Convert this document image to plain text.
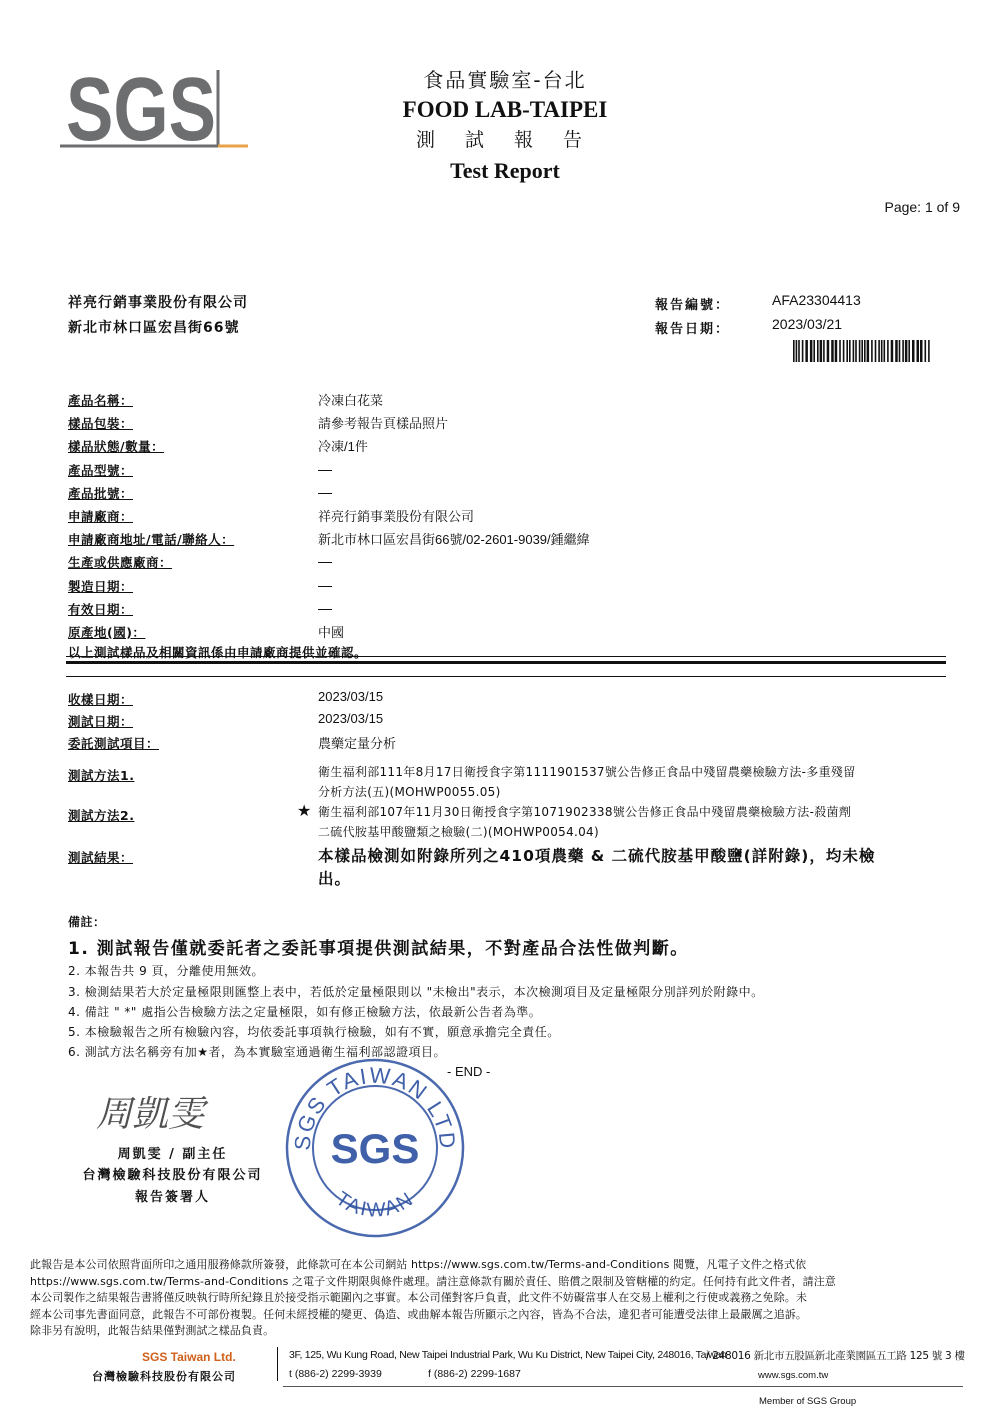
SGS	食品實驗室-台北
FOOD LAB-TAIPEI
測 試 報 告
Test Report
Page: 1 of 9
祥亮行銷事業股份有限公司
新北市林口區宏昌街66號
報告編號：	AFA23304413
報告日期：	2023/03/21
產品名稱：	冷凍白花菜
樣品包裝：	請參考報告頁樣品照片
樣品狀態/數量：	冷凍/1件
產品型號：
產品批號：
申請廠商：	祥亮行銷事業股份有限公司
申請廠商地址/電話/聯絡人：	新北市林口區宏昌街66號/02-2601-9039/鍾繼緯
生產或供應廠商：
製造日期：
有效日期：
原產地(國)：	中國
以上測試樣品及相關資訊係由申請廠商提供並確認。
收樣日期：	2023/03/15
測試日期：	2023/03/15
委託測試項目：	農藥定量分析
測試方法1.	衛生福利部111年8月17日衛授食字第1111901537號公告修正食品中殘留農藥檢驗方法-多重殘留
分析方法(五)(MOHWP0055.05)
測試方法2.	★ 衛生福利部107年11月30日衛授食字第1071902338號公告修正食品中殘留農藥檢驗方法-殺菌劑
二硫代胺基甲酸鹽類之檢驗(二)(MOHWP0054.04)
測試結果：	本樣品檢測如附錄所列之410項農藥 & 二硫代胺基甲酸鹽(詳附錄)，均未檢
出。
備註：
1. 測試報告僅就委託者之委託事項提供測試結果，不對產品合法性做判斷。
2. 本報告共 9 頁，分離使用無效。
3. 檢測結果若大於定量極限則匯整上表中，若低於定量極限則以 "未檢出"表示，本次檢測項目及定量極限分別詳列於附錄中。
4. 備註 " *" 處指公告檢驗方法之定量極限，如有修正檢驗方法，依最新公告者為準。
5. 本檢驗報告之所有檢驗內容，均依委託事項執行檢驗，如有不實，願意承擔完全責任。
6. 測試方法名稱旁有加★者，為本實驗室通過衛生福利部認證項目。
- END -
周凱雯
周凱雯 / 副主任
台灣檢驗科技股份有限公司
報告簽署人
SGS TAIWAN LTD
SGS
TAIWAN
此報告是本公司依照背面所印之通用服務條款所簽發，此條款可在本公司網站 https://www.sgs.com.tw/Terms-and-Conditions 閱覽，凡電子文件之格式依
https://www.sgs.com.tw/Terms-and-Conditions 之電子文件期限與條件處理。請注意條款有關於責任、賠償之限制及管轄權的約定。任何持有此文件者，請注意
本公司製作之結果報告書將僅反映執行時所紀錄且於接受指示範圍內之事實。本公司僅對客戶負責，此文件不妨礙當事人在交易上權利之行使或義務之免除。未
經本公司事先書面同意，此報告不可部份複製。任何未經授權的變更、偽造、或曲解本報告所顯示之內容，皆為不合法，違犯者可能遭受法律上最嚴厲之追訴。
除非另有說明，此報告結果僅對測試之樣品負責。
SGS Taiwan Ltd.
台灣檢驗科技股份有限公司
3F, 125, Wu Kung Road, New Taipei Industrial Park, Wu Ku District, New Taipei City, 248016, Taiwan
/ 248016 新北市五股區新北產業園區五工路 125 號 3 樓
t (886-2) 2299-3939	f (886-2) 2299-1687	www.sgs.com.tw
Member of SGS Group
